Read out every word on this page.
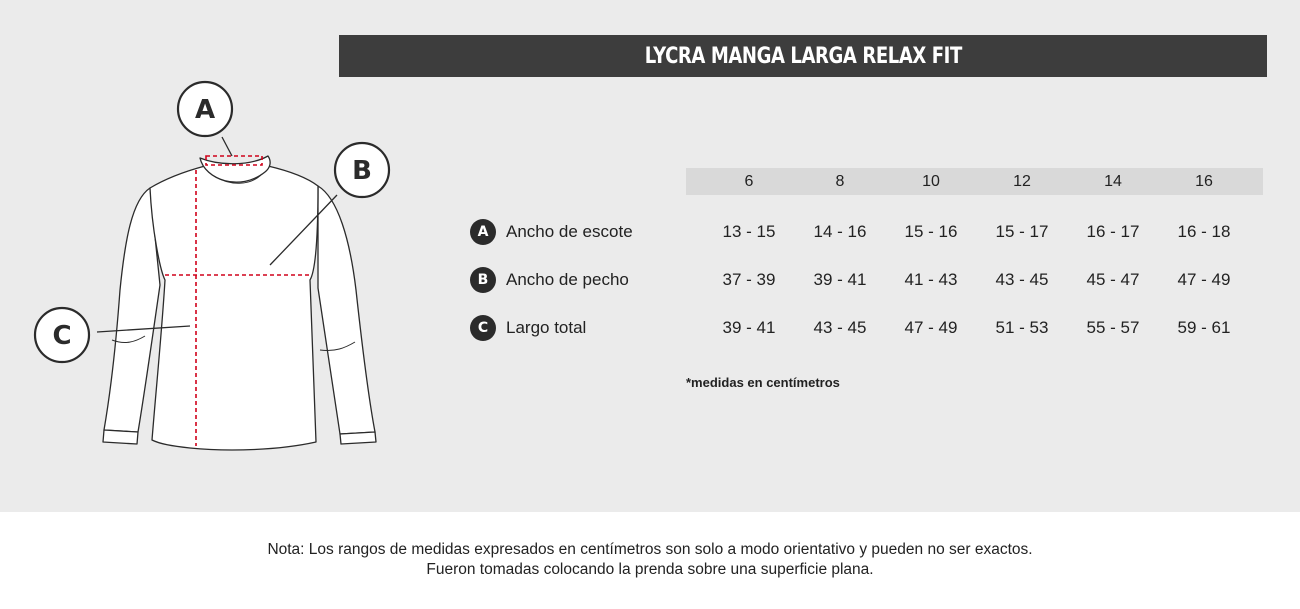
LYCRA MANGA LARGA RELAX FIT
A
B
C
6	8	10	12	14	16
A	Ancho de escote	13 - 15	14 - 16	15 - 16	15 - 17	16 - 17	16 - 18
B	Ancho de pecho	37 - 39	39 - 41	41 - 43	43 - 45	45 - 47	47 - 49
C	Largo total	39 - 41	43 - 45	47 - 49	51 - 53	55 - 57	59 - 61
*medidas en centímetros
Nota: Los rangos de medidas expresados en centímetros son solo a modo orientativo y pueden no ser exactos.
Fueron tomadas colocando la prenda sobre una superficie plana.
